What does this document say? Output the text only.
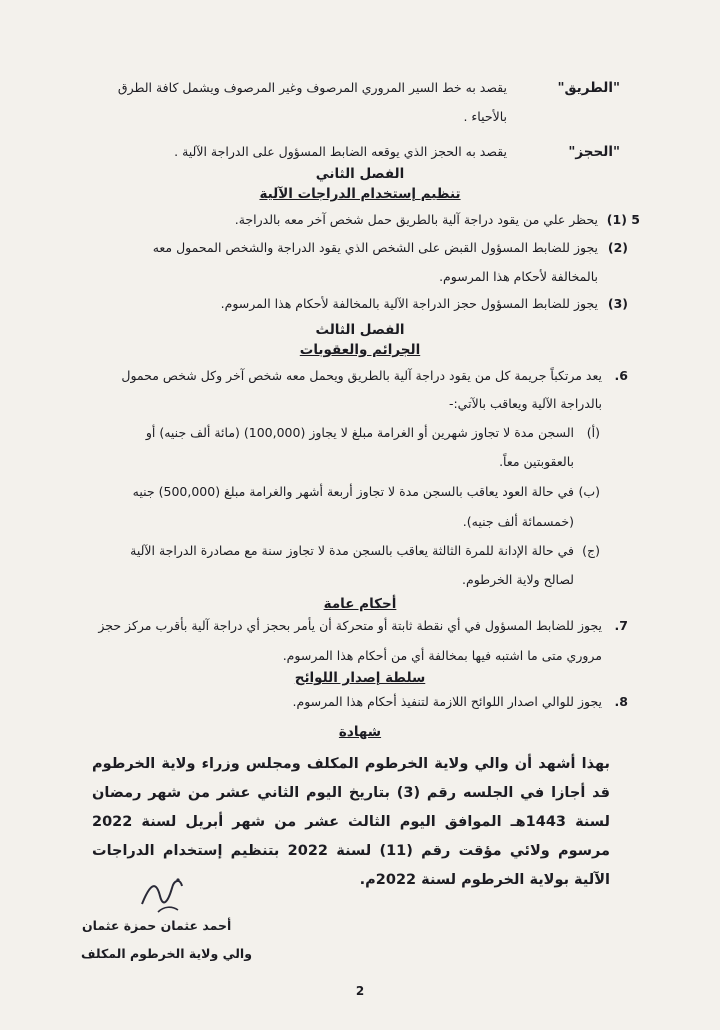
"الطريق"
يقصد به خط السير المروري المرصوف وغير المرصوف ويشمل كافة الطرق
بالأحياء .
"الحجز"
يقصد به الحجز الذي يوقعه الضابط المسؤول على الدراجة الآلية .
الفصل الثاني
تنظيم إستخدام الدراجات الآلية
5 (1)
يحظر علي من يقود دراجة آلية بالطريق حمل شخص آخر معه بالدراجة.
(2)
يجوز للضابط المسؤول القبض على الشخص الذي يقود الدراجة والشخص المحمول معه
بالمخالفة لأحكام هذا المرسوم.
(3)
يجوز للضابط المسؤول حجز الدراجة الآلية بالمخالفة لأحكام هذا المرسوم.
الفصل الثالث
الجرائم والعقوبات
6.
يعد مرتكباً جريمة كل من يقود دراجة آلية بالطريق ويحمل معه شخص آخر وكل شخص محمول
بالدراجة الآلية ويعاقب بالآتي:-
(أ)
السجن مدة لا تجاوز شهرين أو الغرامة مبلغ لا يجاوز (100,000) (مائة ألف جنيه) أو
بالعقوبتين معاً.
(ب)
في حالة العود يعاقب بالسجن مدة لا تجاوز أربعة أشهر والغرامة مبلغ (500,000) جنيه
(خمسمائة ألف جنيه).
(ج)
في حالة الإدانة للمرة الثالثة يعاقب بالسجن مدة لا تجاوز سنة مع مصادرة الدراجة الآلية
لصالح ولاية الخرطوم.
أحكام عامة
7.
يجوز للضابط المسؤول في أي نقطة ثابتة أو متحركة أن يأمر بحجز أي دراجة آلية بأقرب مركز حجز
مروري متى ما اشتبه فيها بمخالفة أي من أحكام هذا المرسوم.
سلطة إصدار اللوائح
8.
يجوز للوالي اصدار اللوائح اللازمة لتنفيذ أحكام هذا المرسوم.
شهادة
بهذا أشهد أن والي ولاية الخرطوم المكلف ومجلس وزراء ولاية الخرطوم قد أجازا في الجلسه رقم (3) بتاريخ اليوم الثاني عشر من شهر رمضان لسنة 1443هـ الموافق اليوم الثالث عشر من شهر أبريل لسنة 2022 مرسوم ولائي مؤقت رقم (11) لسنة 2022 بتنظيم إستخدام الدراجات الآلية بولاية الخرطوم لسنة 2022م.
أحمد عثمان حمزة عثمان
والي ولاية الخرطوم المكلف
2
